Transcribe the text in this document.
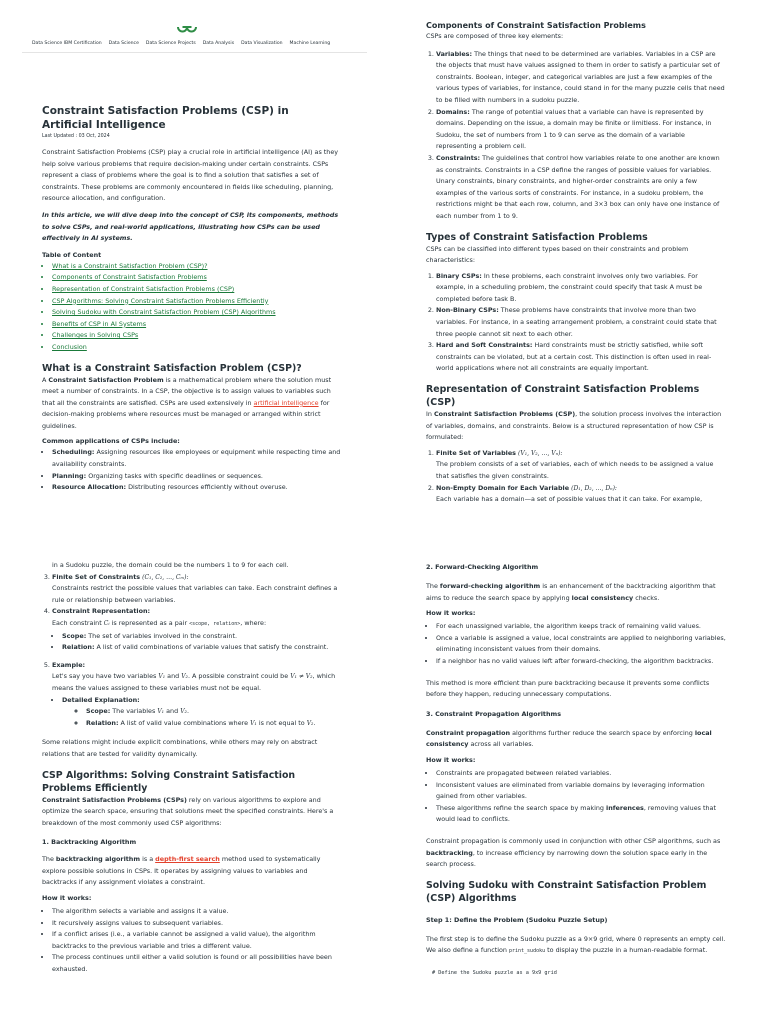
Data Science IBM Certification Data Science Data Science Projects Data Analysis Data Visualization Machine Learning
Constraint Satisfaction Problems (CSP) in Artificial Intelligence
Last Updated : 03 Oct, 2024

Constraint Satisfaction Problems (CSP) play a crucial role in artificial intelligence (AI) as they help solve various problems that require decision-making under certain constraints. CSPs represent a class of problems where the goal is to find a solution that satisfies a set of constraints. These problems are commonly encountered in fields like scheduling, planning, resource allocation, and configuration.

In this article, we will dive deep into the concept of CSP, its components, methods to solve CSPs, and real-world applications, illustrating how CSPs can be used effectively in AI systems.

Table of Content
• What is a Constraint Satisfaction Problem (CSP)?
• Components of Constraint Satisfaction Problems
• Representation of Constraint Satisfaction Problems (CSP)
• CSP Algorithms: Solving Constraint Satisfaction Problems Efficiently
• Solving Sudoku with Constraint Satisfaction Problem (CSP) Algorithms
• Benefits of CSP in AI Systems
• Challenges in Solving CSPs
• Conclusion
What is a Constraint Satisfaction Problem (CSP)?

A Constraint Satisfaction Problem is a mathematical problem where the solution must meet a number of constraints. In a CSP, the objective is to assign values to variables such that all the constraints are satisfied. CSPs are used extensively in artificial intelligence for decision-making problems where resources must be managed or arranged within strict guidelines.

Common applications of CSPs include:
• Scheduling: Assigning resources like employees or equipment while respecting time and availability constraints.
• Planning: Organizing tasks with specific deadlines or sequences.
• Resource Allocation: Distributing resources efficiently without overuse.
Components of Constraint Satisfaction Problems

CSPs are composed of three key elements:

1. Variables: The things that need to be determined are variables. Variables in a CSP are the objects that must have values assigned to them in order to satisfy a particular set of constraints. Boolean, integer, and categorical variables are just a few examples of the various types of variables, for instance, could stand in for the many puzzle cells that need to be filled with numbers in a sudoku puzzle.
2. Domains: The range of potential values that a variable can have is represented by domains. Depending on the issue, a domain may be finite or limitless. For instance, in Sudoku, the set of numbers from 1 to 9 can serve as the domain of a variable representing a problem cell.
3. Constraints: The guidelines that control how variables relate to one another are known as constraints. Constraints in a CSP define the ranges of possible values for variables. Unary constraints, binary constraints, and higher-order constraints are only a few examples of the various sorts of constraints. For instance, in a sudoku problem, the restrictions might be that each row, column, and 3×3 box can only have one instance of each number from 1 to 9.
Types of Constraint Satisfaction Problems

CSPs can be classified into different types based on their constraints and problem characteristics:

1. Binary CSPs: In these problems, each constraint involves only two variables. For example, in a scheduling problem, the constraint could specify that task A must be completed before task B.
2. Non-Binary CSPs: These problems have constraints that involve more than two variables. For instance, in a seating arrangement problem, a constraint could state that three people cannot sit next to each other.
3. Hard and Soft Constraints: Hard constraints must be strictly satisfied, while soft constraints can be violated, but at a certain cost. This distinction is often used in real-world applications where not all constraints are equally important.
Representation of Constraint Satisfaction Problems (CSP)

In Constraint Satisfaction Problems (CSP), the solution process involves the interaction of variables, domains, and constraints. Below is a structured representation of how CSP is formulated:

1. Finite Set of Variables (V₁, V₂, …, Vₙ):
The problem consists of a set of variables, each of which needs to be assigned a value that satisfies the given constraints.
2. Non-Empty Domain for Each Variable (D₁, D₂, …, Dₙ):
Each variable has a domain—a set of possible values that it can take. For example,

in a Sudoku puzzle, the domain could be the numbers 1 to 9 for each cell.

3. Finite Set of Constraints (C₁, C₂, …, Cₘ):
Constraints restrict the possible values that variables can take. Each constraint defines a rule or relationship between variables.
4. Constraint Representation:
Each constraint Cᵢ is represented as a pair <scope, relation>, where:
• Scope: The set of variables involved in the constraint.
• Relation: A list of valid combinations of variable values that satisfy the constraint.
5. Example:
Let's say you have two variables V₁ and V₂. A possible constraint could be V₁ ≠ V₂, which means the values assigned to these variables must not be equal.
• Detailed Explanation:
◦ Scope: The variables V₁ and V₂.
◦ Relation: A list of valid value combinations where V₁ is not equal to V₂.

Some relations might include explicit combinations, while others may rely on abstract relations that are tested for validity dynamically.

CSP Algorithms: Solving Constraint Satisfaction Problems Efficiently

Constraint Satisfaction Problems (CSPs) rely on various algorithms to explore and optimize the search space, ensuring that solutions meet the specified constraints. Here's a breakdown of the most commonly used CSP algorithms:

1. Backtracking Algorithm

The backtracking algorithm is a depth-first search method used to systematically explore possible solutions in CSPs. It operates by assigning values to variables and backtracks if any assignment violates a constraint.

How it works:
• The algorithm selects a variable and assigns it a value.
• It recursively assigns values to subsequent variables.
• If a conflict arises (i.e., a variable cannot be assigned a valid value), the algorithm backtracks to the previous variable and tries a different value.
• The process continues until either a valid solution is found or all possibilities have been exhausted.
2. Forward-Checking Algorithm

The forward-checking algorithm is an enhancement of the backtracking algorithm that aims to reduce the search space by applying local consistency checks.

How it works:
• For each unassigned variable, the algorithm keeps track of remaining valid values.
• Once a variable is assigned a value, local constraints are applied to neighboring variables, eliminating inconsistent values from their domains.
• If a neighbor has no valid values left after forward-checking, the algorithm backtracks.

This method is more efficient than pure backtracking because it prevents some conflicts before they happen, reducing unnecessary computations.

3. Constraint Propagation Algorithms

Constraint propagation algorithms further reduce the search space by enforcing local consistency across all variables.

How it works:
• Constraints are propagated between related variables.
• Inconsistent values are eliminated from variable domains by leveraging information gained from other variables.
• These algorithms refine the search space by making inferences, removing values that would lead to conflicts.

Constraint propagation is commonly used in conjunction with other CSP algorithms, such as backtracking, to increase efficiency by narrowing down the solution space early in the search process.

Solving Sudoku with Constraint Satisfaction Problem (CSP) Algorithms
Step 1: Define the Problem (Sudoku Puzzle Setup)

The first step is to define the Sudoku puzzle as a 9×9 grid, where 0 represents an empty cell. We also define a function print_sudoku to display the puzzle in a human-readable format.

# Define the Sudoku puzzle as a 9x9 grid
